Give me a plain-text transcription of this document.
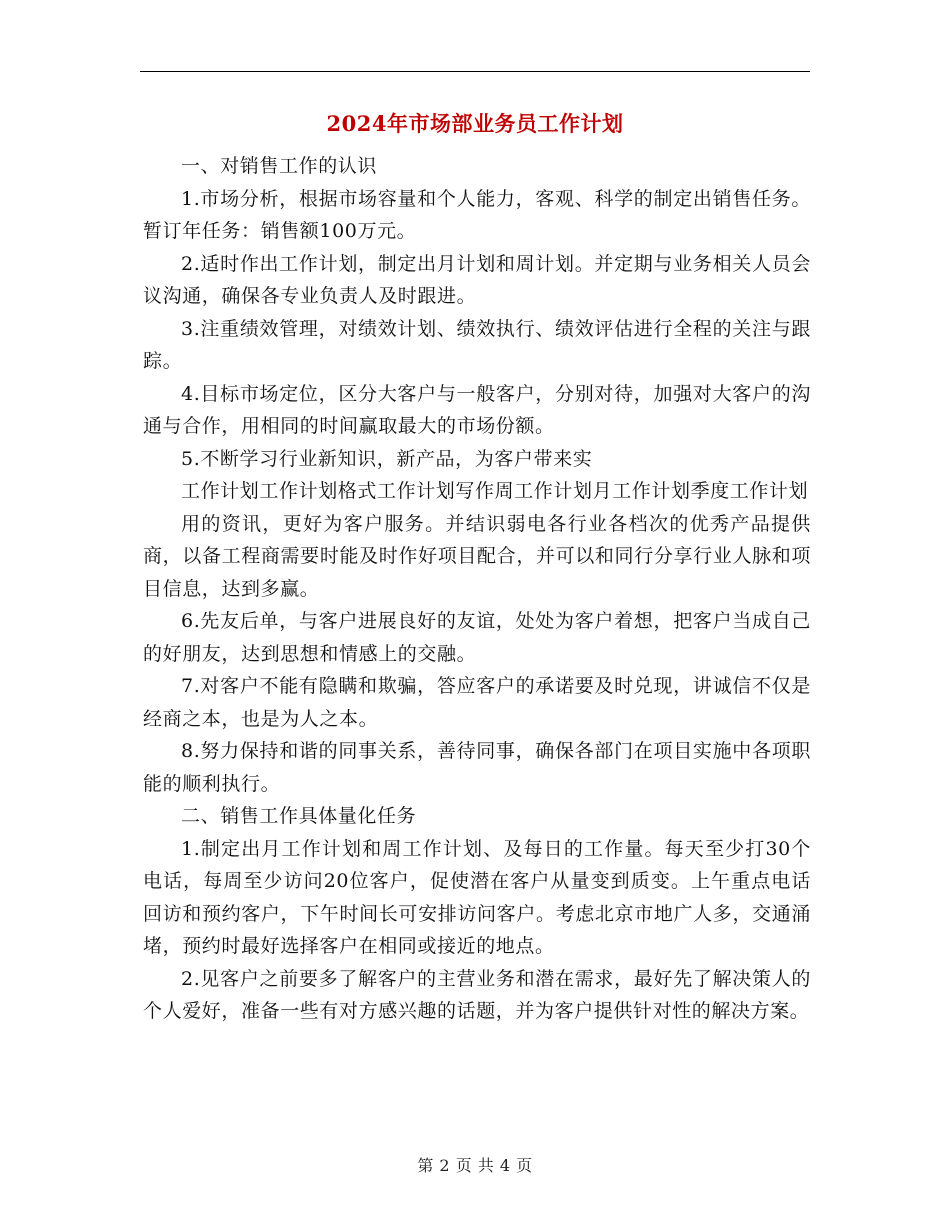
2024年市场部业务员工作计划

一、对销售工作的认识

1.市场分析，根据市场容量和个人能力，客观、科学的制定出销售任务。暂订年任务：销售额100万元。

2.适时作出工作计划，制定出月计划和周计划。并定期与业务相关人员会议沟通，确保各专业负责人及时跟进。

3.注重绩效管理，对绩效计划、绩效执行、绩效评估进行全程的关注与跟踪。

4.目标市场定位，区分大客户与一般客户，分别对待，加强对大客户的沟通与合作，用相同的时间赢取最大的市场份额。

5.不断学习行业新知识，新产品，为客户带来实

工作计划工作计划格式工作计划写作周工作计划月工作计划季度工作计划

用的资讯，更好为客户服务。并结识弱电各行业各档次的优秀产品提供商，以备工程商需要时能及时作好项目配合，并可以和同行分享行业人脉和项目信息，达到多赢。

6.先友后单，与客户进展良好的友谊，处处为客户着想，把客户当成自己的好朋友，达到思想和情感上的交融。

7.对客户不能有隐瞒和欺骗，答应客户的承诺要及时兑现，讲诚信不仅是经商之本，也是为人之本。

8.努力保持和谐的同事关系，善待同事，确保各部门在项目实施中各项职能的顺利执行。

二、销售工作具体量化任务

1.制定出月工作计划和周工作计划、及每日的工作量。每天至少打30个电话，每周至少访问20位客户，促使潜在客户从量变到质变。上午重点电话回访和预约客户，下午时间长可安排访问客户。考虑北京市地广人多，交通涌堵，预约时最好选择客户在相同或接近的地点。

2.见客户之前要多了解客户的主营业务和潜在需求，最好先了解决策人的个人爱好，准备一些有对方感兴趣的话题，并为客户提供针对性的解决方案。

第 2 页 共 4 页
